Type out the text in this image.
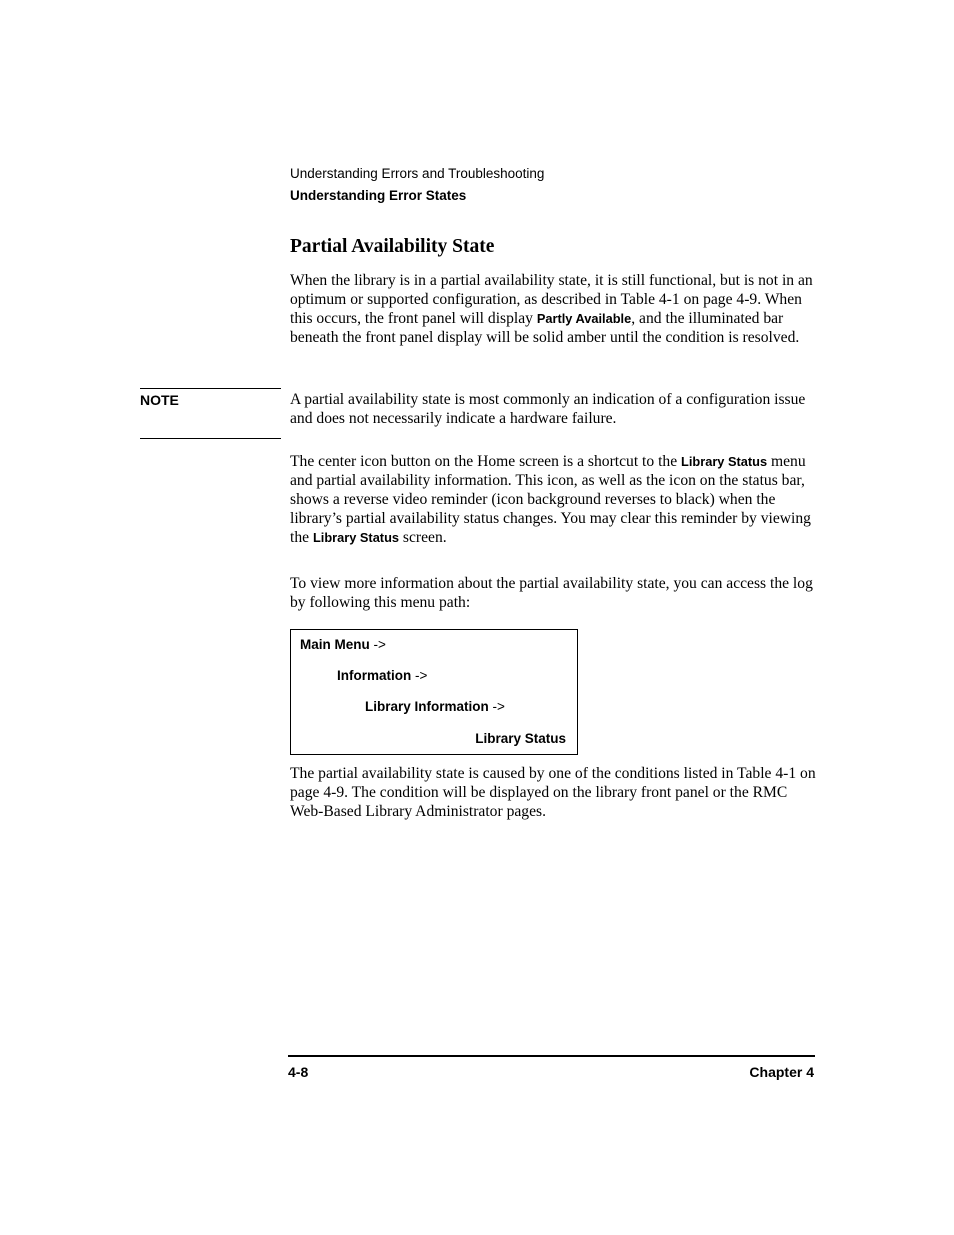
Understanding Errors and Troubleshooting
Understanding Error States
Partial Availability State

When the library is in a partial availability state, it is still functional, but is not in an optimum or supported configuration, as described in Table 4-1 on page 4-9. When this occurs, the front panel will display Partly Available, and the illuminated bar beneath the front panel display will be solid amber until the condition is resolved.

NOTE	A partial availability state is most commonly an indication of a configuration issue and does not necessarily indicate a hardware failure.

The center icon button on the Home screen is a shortcut to the Library Status menu and partial availability information. This icon, as well as the icon on the status bar, shows a reverse video reminder (icon background reverses to black) when the library’s partial availability status changes. You may clear this reminder by viewing the Library Status screen.

To view more information about the partial availability state, you can access the log by following this menu path:

Main Menu ->
Information ->
Library Information ->
Library Status

The partial availability state is caused by one of the conditions listed in Table 4-1 on page 4-9. The condition will be displayed on the library front panel or the RMC Web-Based Library Administrator pages.

4-8	Chapter 4
